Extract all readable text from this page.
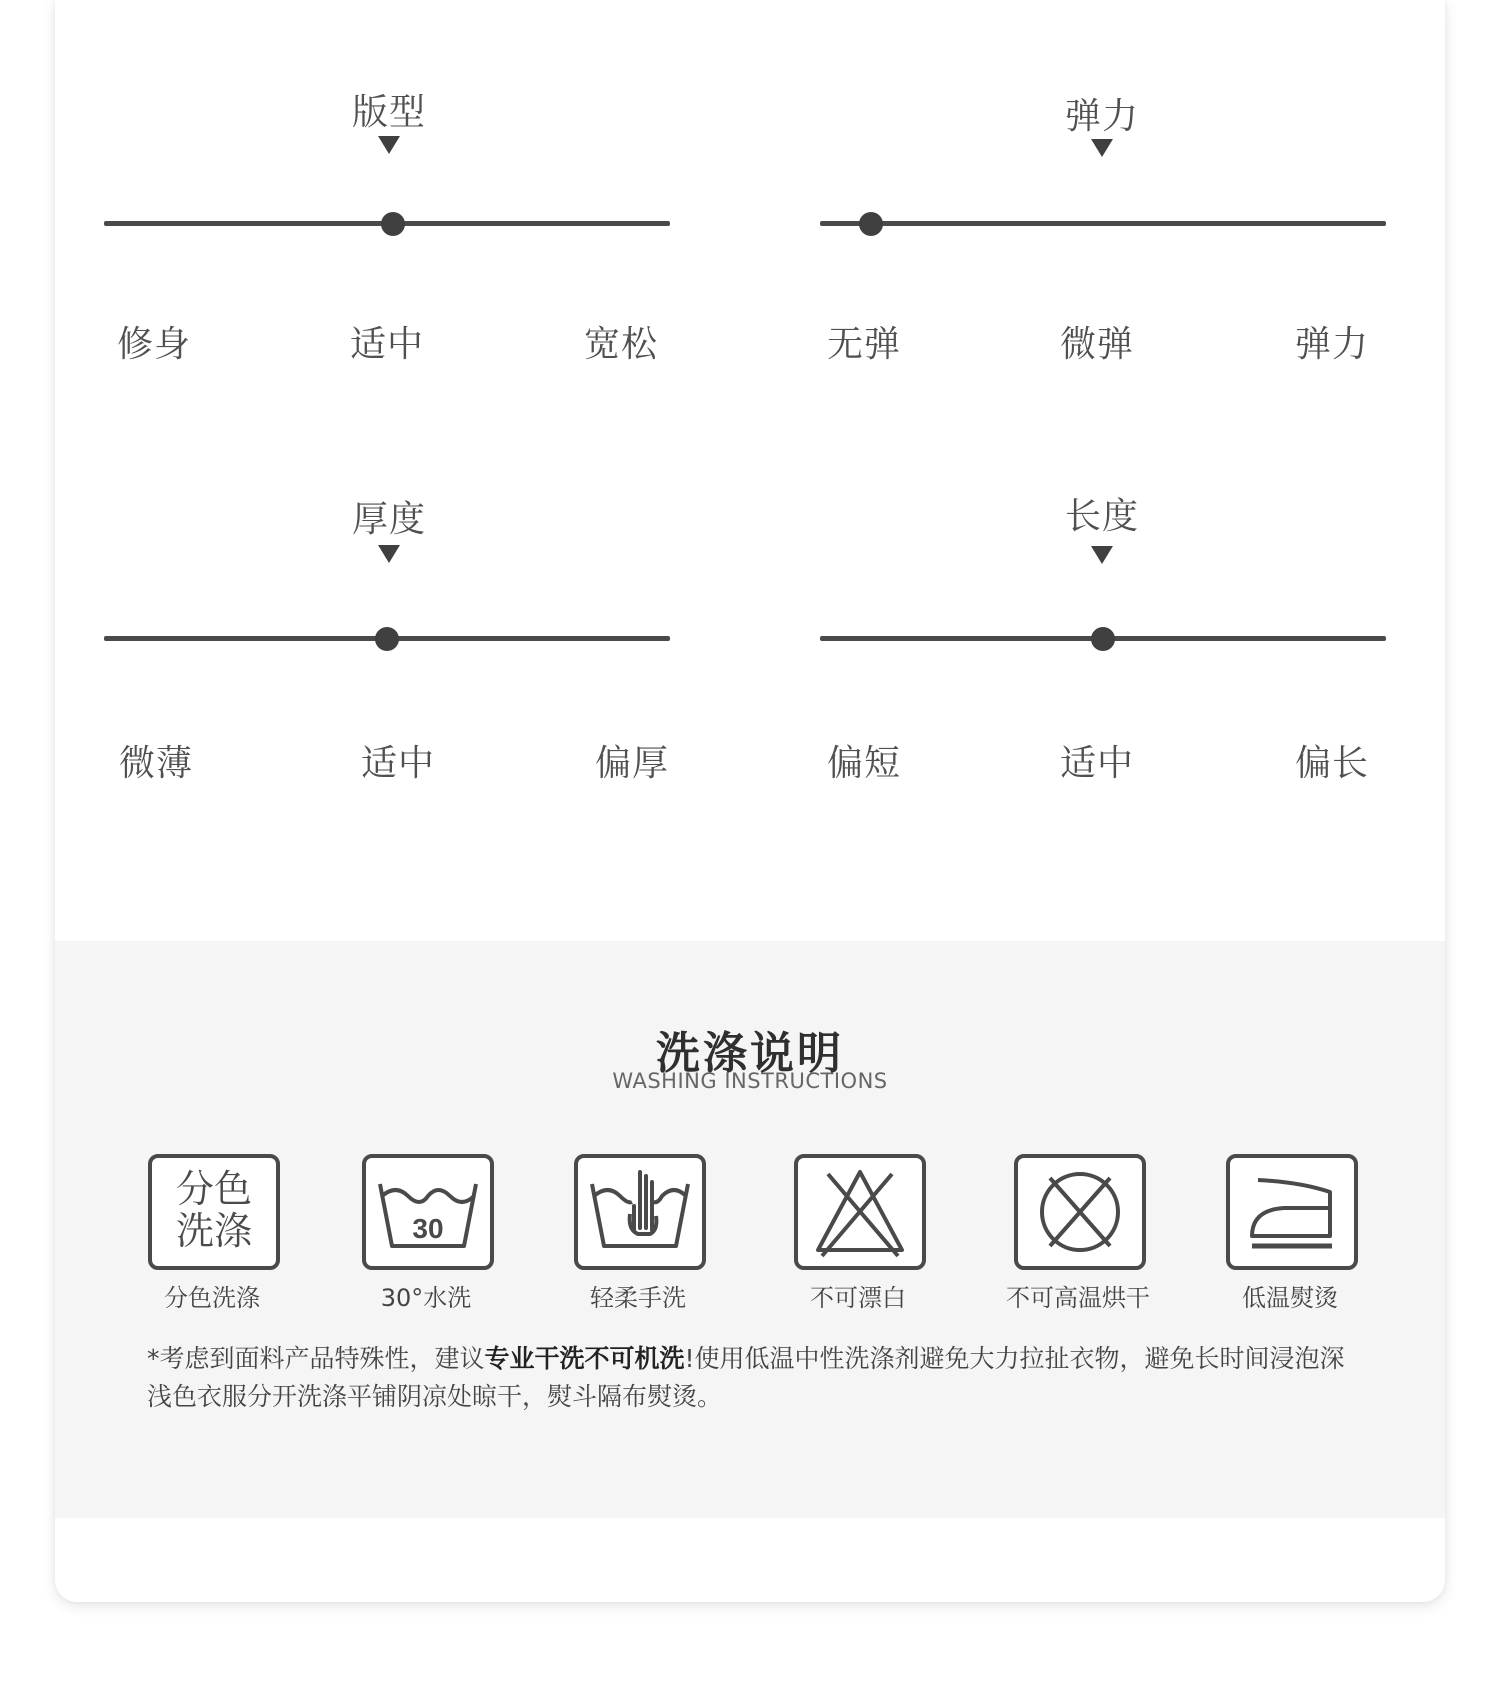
版型
修身	适中	宽松
弹力
无弹	微弹	弹力
厚度
微薄	适中	偏厚
长度
偏短	适中	偏长
洗涤说明
WASHING INSTRUCTIONS
分色
洗涤
分色洗涤
30
30°水洗	轻柔手洗	不可漂白	不可高温烘干	低温熨烫
*考虑到面料产品特殊性，建议专业干洗不可机洗!使用低温中性洗涤剂避免大力拉扯衣物，避免长时间浸泡深浅色衣服分开洗涤平铺阴凉处晾干，熨斗隔布熨烫。
